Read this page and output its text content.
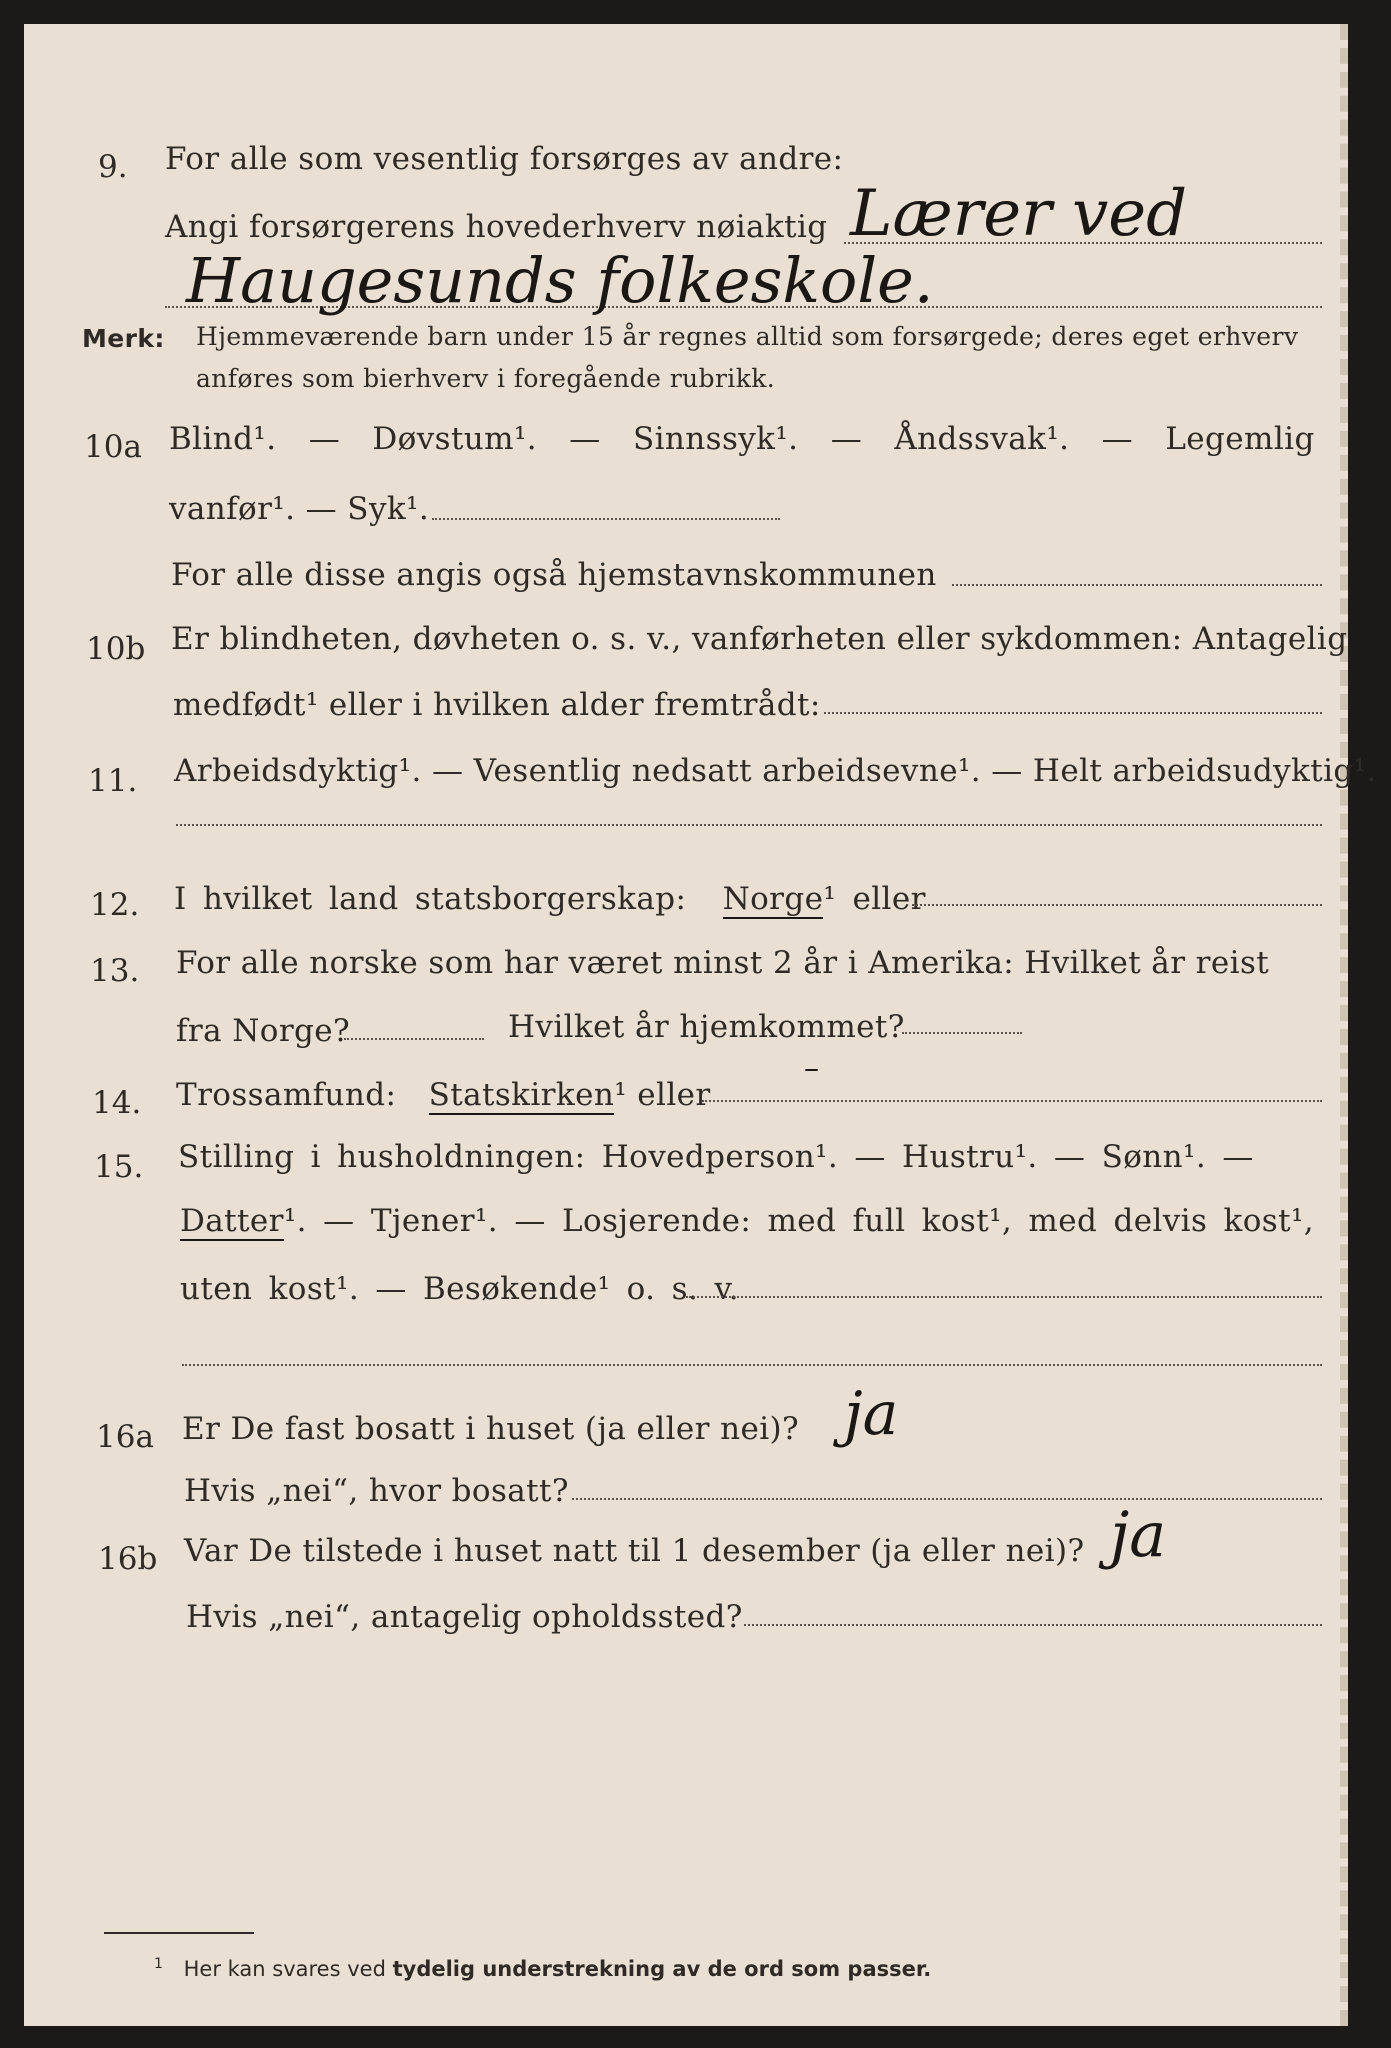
9. For alle som vesentlig forsørges av andre:
Angi forsørgerens hovederhverv nøiaktig Lærer ved
Haugesunds folkeskole.
Merk: Hjemmeværende barn under 15 år regnes alltid som forsørgede; deres eget erhverv
anføres som bierhverv i foregående rubrikk.
10a Blind¹. — Døvstum¹. — Sinnssyk¹. — Åndssvak¹. — Legemlig
vanfør¹. — Syk¹.
For alle disse angis også hjemstavnskommunen
10b Er blindheten, døvheten o. s. v., vanførheten eller sykdommen: Antagelig
medfødt¹ eller i hvilken alder fremtrådt:
11. Arbeidsdyktig¹. — Vesentlig nedsatt arbeidsevne¹. — Helt arbeidsudyktig¹.
12. I hvilket land statsborgerskap: Norge¹ eller
13. For alle norske som har været minst 2 år i Amerika: Hvilket år reist
fra Norge?	Hvilket år hjemkommet?
14. Trossamfund: Statskirken¹ eller
–
15. Stilling i husholdningen: Hovedperson¹. — Hustru¹. — Sønn¹. —
Datter¹. — Tjener¹. — Losjerende: med full kost¹, med delvis kost¹,
uten kost¹. — Besøkende¹ o. s. v.
16a Er De fast bosatt i huset (ja eller nei)? ja
Hvis „nei“, hvor bosatt?
16b Var De tilstede i huset natt til 1 desember (ja eller nei)? ja
Hvis „nei“, antagelig opholdssted?
$^1$ Her kan svares ved tydelig understrekning av de ord som passer.
